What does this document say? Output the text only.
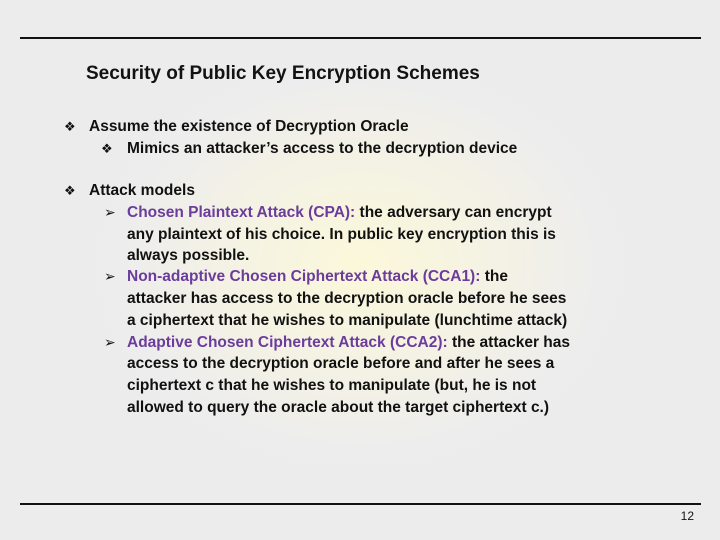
Security of Public Key Encryption Schemes
❖ Assume the existence of Decryption Oracle
❖ Mimics an attacker’s access to the decryption device
❖ Attack models
➢ Chosen Plaintext Attack (CPA): the adversary can encrypt
any plaintext of his choice. In public key encryption this is
always possible.
➢ Non-adaptive Chosen Ciphertext Attack (CCA1): the
attacker has access to the decryption oracle before he sees
a ciphertext that he wishes to manipulate (lunchtime attack)
➢ Adaptive Chosen Ciphertext Attack (CCA2): the attacker has
access to the decryption oracle before and after he sees a
ciphertext c that he wishes to manipulate (but, he is not
allowed to query the oracle about the target ciphertext c.)
12
